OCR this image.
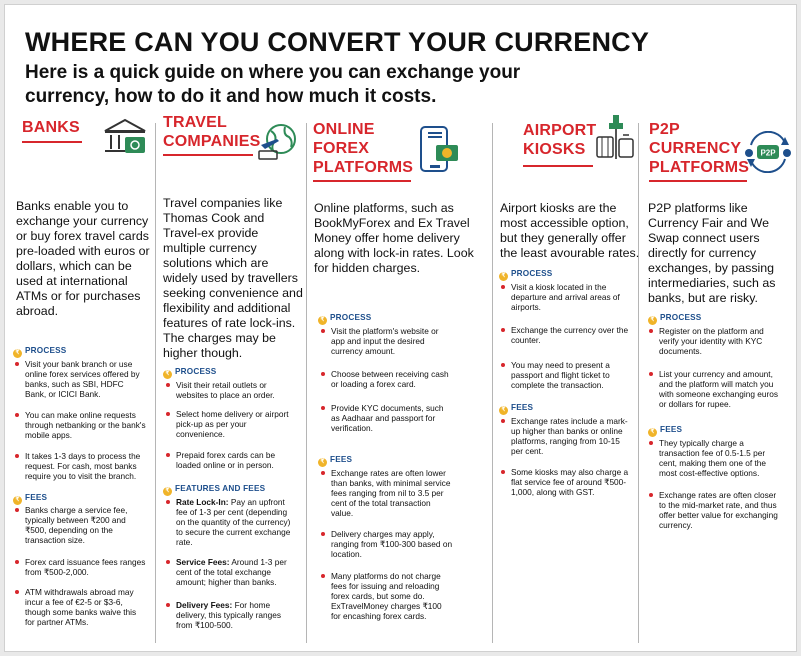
WHERE CAN YOU CONVERT YOUR CURRENCY
Here is a quick guide on where you can exchange your currency, how to do it and how much it costs.
BANKS
Banks enable you to exchange your currency or buy forex travel cards pre-loaded with euros or dollars, which can be used at international ATMs or for purchases abroad.
₹ PROCESS
Visit your bank branch or use online forex services offered by banks, such as SBI, HDFC Bank, or ICICI Bank.
You can make online requests through netbanking or the bank's mobile apps.
It takes 1-3 days to process the request. For cash, most banks require you to visit the branch.
₹ FEES
Banks charge a service fee, typically between ₹200 and ₹500, depending on the transaction size.
Forex card issuance fees ranges from ₹500-2,000.
ATM withdrawals abroad may incur a fee of €2-5 or $3-6, though some banks waive this for partner ATMs.
TRAVEL
COMPANIES
Travel companies like Thomas Cook and Travel-ex provide multiple currency solutions which are widely used by travellers seeking convenience and flexibility and additional features of rate lock-ins. The charges may be higher though.
₹ PROCESS
Visit their retail outlets or websites to place an order.
Select home delivery or airport pick-up as per your convenience.
Prepaid forex cards can be loaded online or in person.
₹ FEATURES AND FEES
Rate Lock-In: Pay an upfront fee of 1-3 per cent (depending on the quantity of the currency) to secure the current exchange rate.
Service Fees: Around 1-3 per cent of the total exchange amount; higher than banks.
Delivery Fees: For home delivery, this typically ranges from ₹100-500.
ONLINE
FOREX
PLATFORMS
Online platforms, such as BookMyForex and Ex Travel Money offer home delivery along with lock-in rates. Look for hidden charges.
₹ PROCESS
Visit the platform's website or app and input the desired currency amount.
Choose between receiving cash or loading a forex card.
Provide KYC documents, such as Aadhaar and passport for verification.
₹ FEES
Exchange rates are often lower than banks, with minimal service fees ranging from nil to 3.5 per cent of the total transaction value.
Delivery charges may apply, ranging from ₹100-300 based on location.
Many platforms do not charge fees for issuing and reloading forex cards, but some do. ExTravelMoney charges ₹100 for encashing forex cards.
AIRPORT
KIOSKS
Airport kiosks are the most accessible option, but they generally offer the least avourable rates.
₹ PROCESS
Visit a kiosk located in the departure and arrival areas of airports.
Exchange the currency over the counter.
You may need to present a passport and flight ticket to complete the transaction.
₹ FEES
Exchange rates include a mark-up higher than banks or online platforms, ranging from 10-15 per cent.
Some kiosks may also charge a flat service fee of around ₹500-1,000, along with GST.
P2P
CURRENCY
PLATFORMS
P2P
P2P platforms like Currency Fair and We Swap connect users directly for currency exchanges, by passing intermediaries, such as banks, but are risky.
₹ PROCESS
Register on the platform and verify your identity with KYC documents.
List your currency and amount, and the platform will match you with someone exchanging euros or dollars for rupee.
₹ FEES
They typically charge a transaction fee of 0.5-1.5 per cent, making them one of the most cost-effective options.
Exchange rates are often closer to the mid-market rate, and thus offer better value for exchanging currency.
